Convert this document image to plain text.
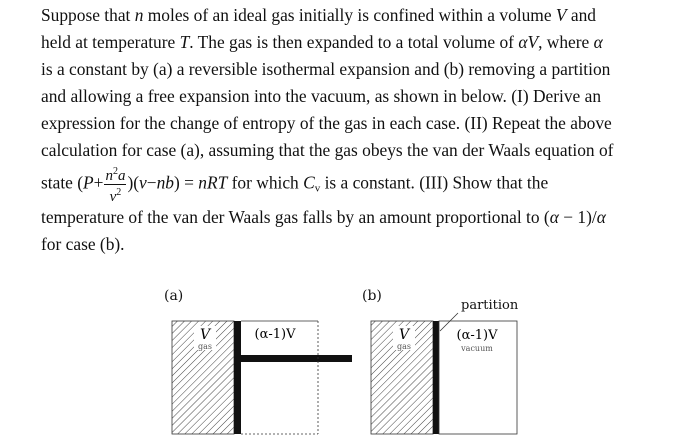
Suppose that n moles of an ideal gas initially is confined within a volume V and
held at temperature T. The gas is then expanded to a total volume of αV, where α
is a constant by (a) a reversible isothermal expansion and (b) removing a partition
and allowing a free expansion into the vacuum, as shown in below. (I) Derive an
expression for the change of entropy of the gas in each case. (II) Repeat the above
calculation for case (a), assuming that the gas obeys the van der Waals equation of
state $(P+ \frac{n^2a}{v^2} )(v-nb)$ = nRT for which $C_v$ is a constant. (III) Show that the
temperature of the van der Waals gas falls by an amount proportional to (α − 1)/α
for case (b).
V
gas
(α-1)V	V
gas
(α-1)V
vacuum
(a)	(b)
partition
